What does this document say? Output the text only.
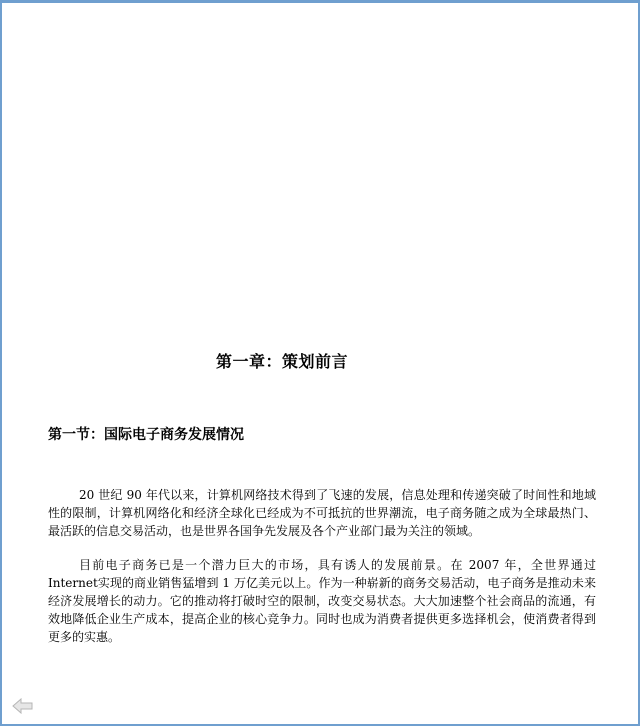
第一章：策划前言
第一节：国际电子商务发展情况

20 世纪 90 年代以来，计算机网络技术得到了飞速的发展，信息处理和传递突破了时间性和地域性的限制，计算机网络化和经济全球化已经成为不可抵抗的世界潮流，电子商务随之成为全球最热门、最活跃的信息交易活动，也是世界各国争先发展及各个产业部门最为关注的领域。

目前电子商务已是一个潜力巨大的市场，具有诱人的发展前景。在 2007 年，全世界通过 Internet实现的商业销售猛增到 1 万亿美元以上。作为一种崭新的商务交易活动，电子商务是推动未来经济发展增长的动力。它的推动将打破时空的限制，改变交易状态。大大加速整个社会商品的流通，有效地降低企业生产成本，提高企业的核心竞争力。同时也成为消费者提供更多选择机会，使消费者得到更多的实惠。
